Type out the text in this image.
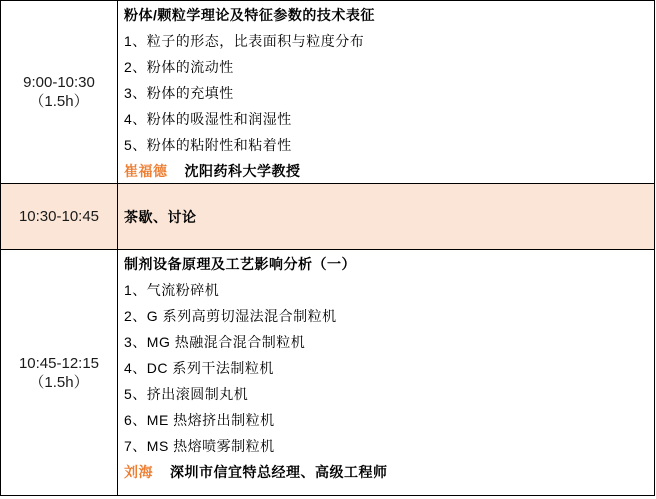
9:00-10:30
（1.5h）
粉体/颗粒学理论及特征参数的技术表征
1、粒子的形态，比表面积与粒度分布
2、粉体的流动性
3、粉体的充填性
4、粉体的吸湿性和润湿性
5、粉体的粘附性和粘着性
崔福德 沈阳药科大学教授
10:30-10:45 茶歇、讨论
10:45-12:15
（1.5h）
制剂设备原理及工艺影响分析（一）
1、气流粉碎机
2、G 系列高剪切湿法混合制粒机
3、MG 热融混合混合制粒机
4、DC 系列干法制粒机
5、挤出滚圆制丸机
6、ME 热熔挤出制粒机
7、MS 热熔喷雾制粒机
刘海 深圳市信宜特总经理、高级工程师
